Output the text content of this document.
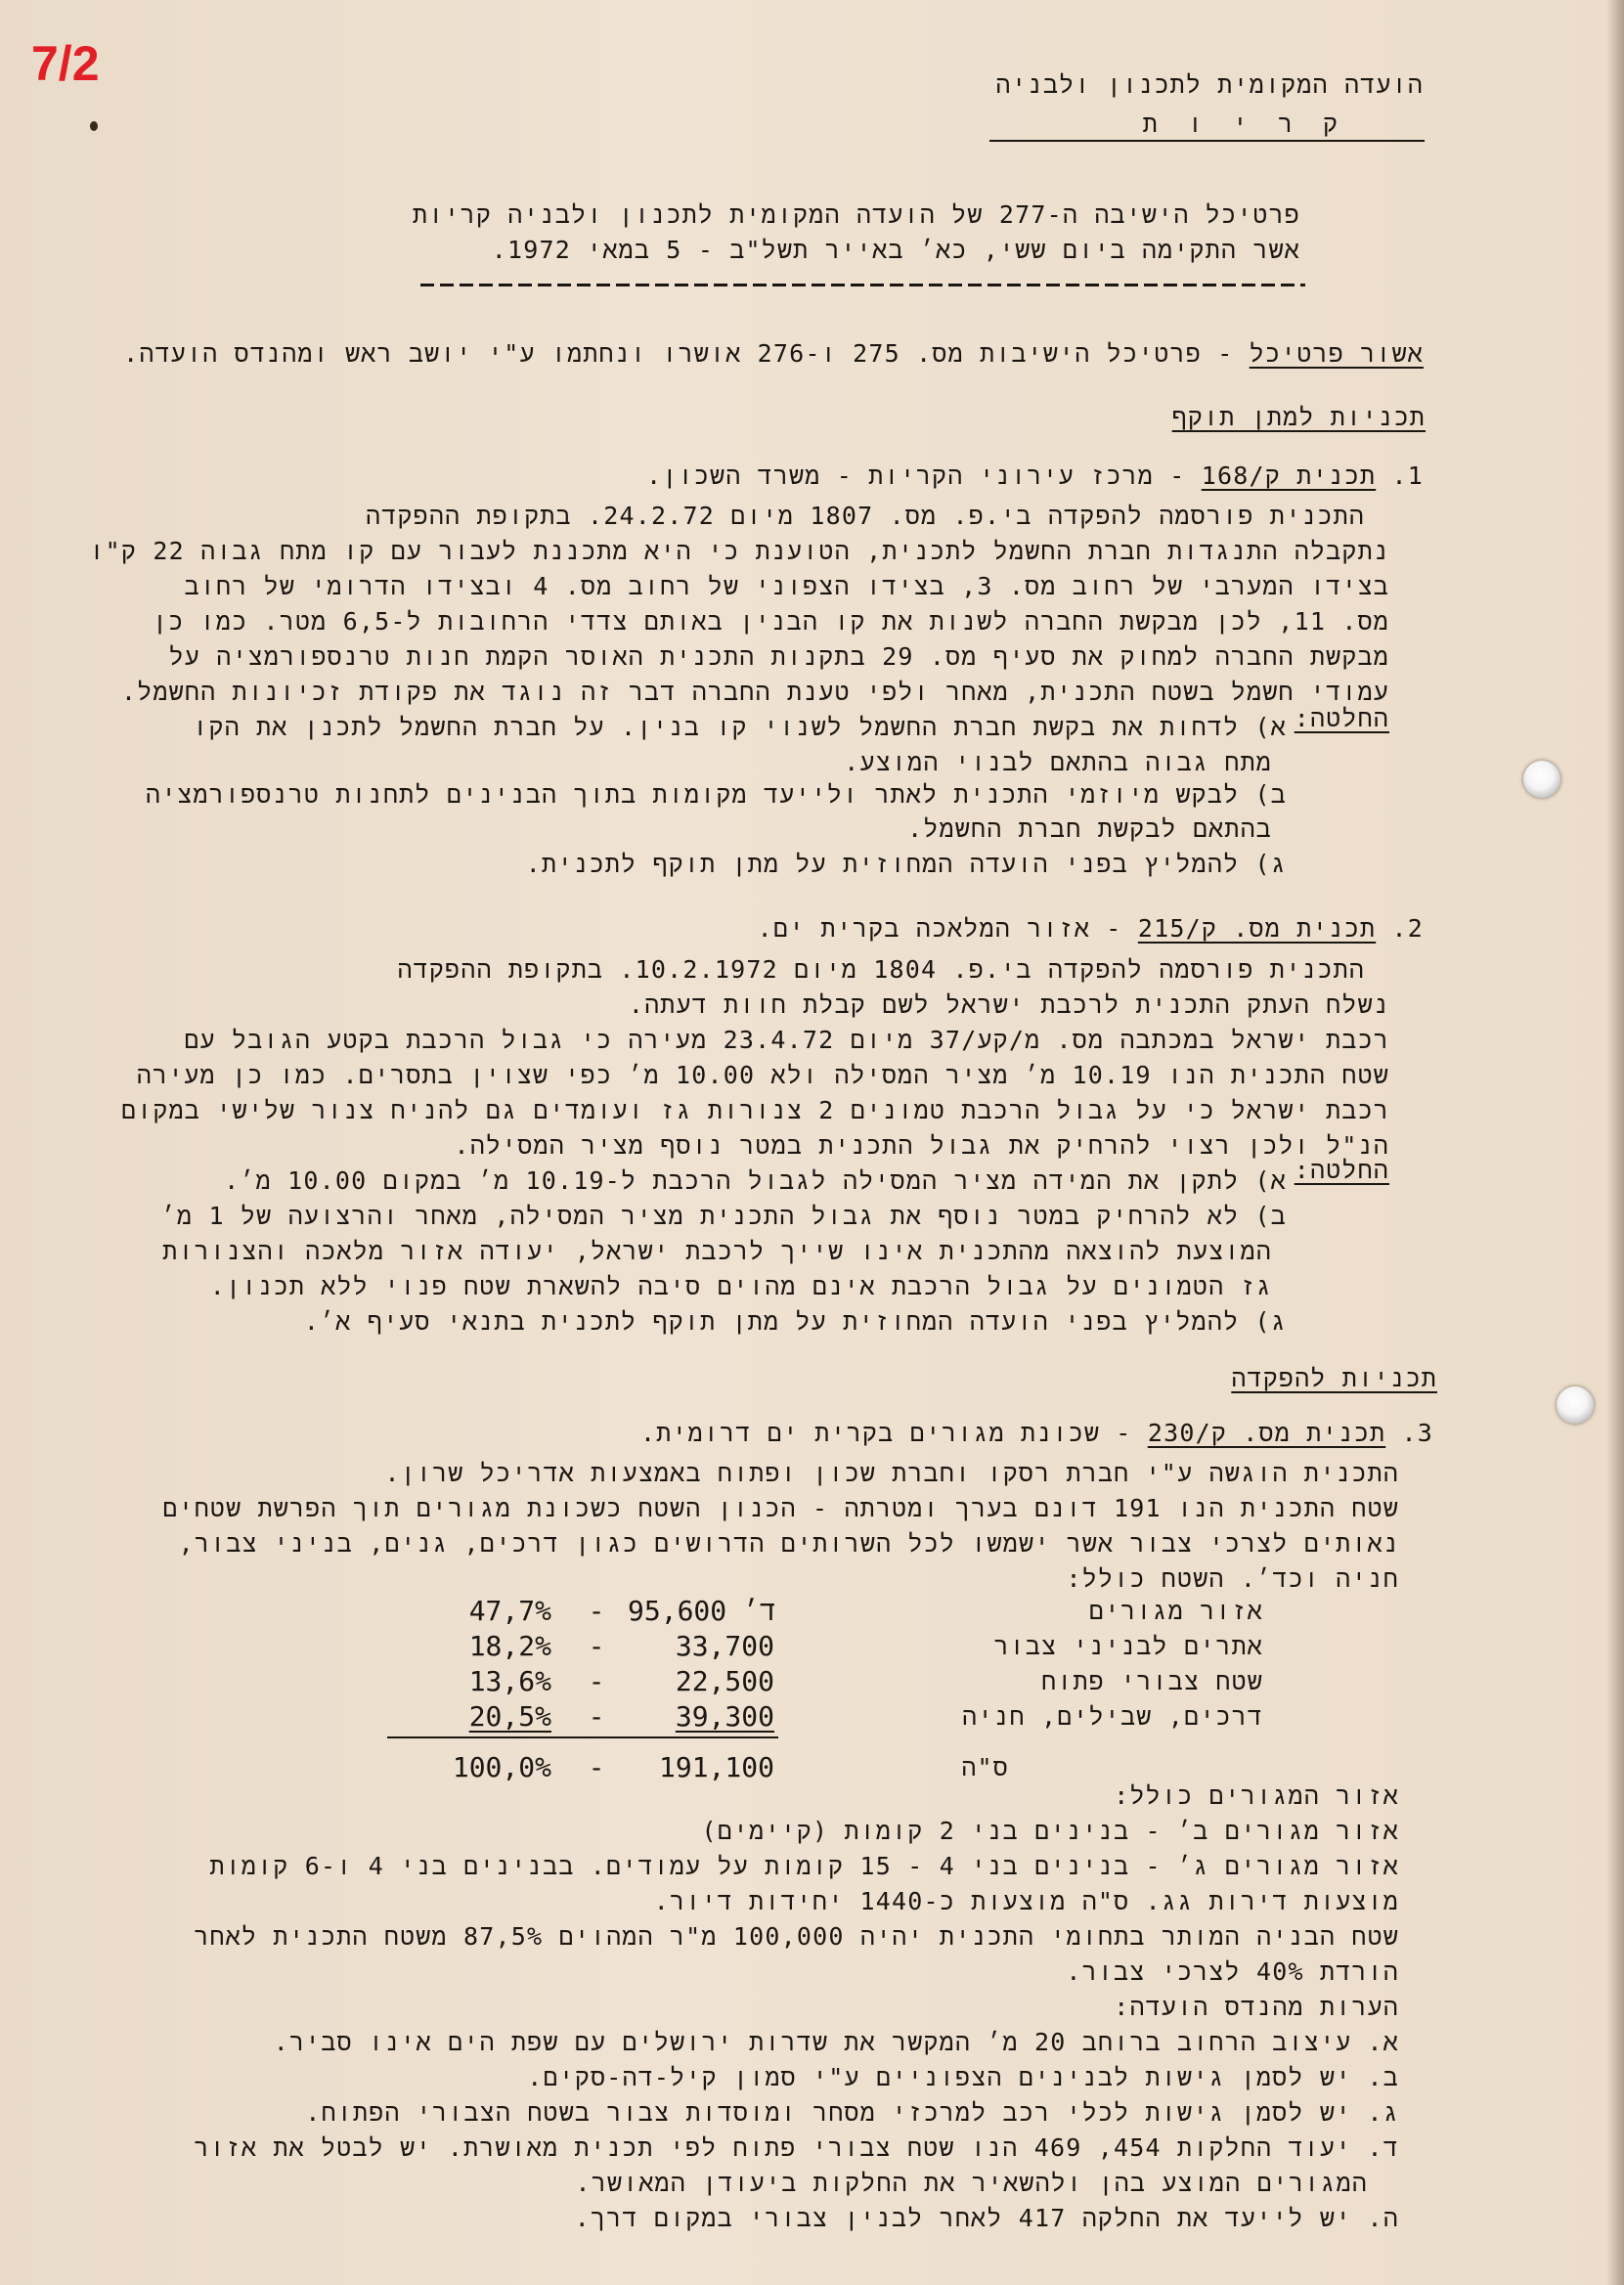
7/2	הועדה המקומית לתכנון ולבניה
ק ר י ו ת
פרטיכל הישיבה ה-277 של הועדה המקומית לתכנון ולבניה קריות
אשר התקימה ביום ששי, כא׳ באייר תשל"ב - 5 במאי 1972.
אשור פרטיכל - פרטיכל הישיבות מס. 275 ו-276 אושרו ונחתמו ע"י יושב ראש ומהנדס הועדה.
תכניות למתן תוקף
1. תכנית ק/168 - מרכז עירוני הקריות - משרד השכון.
התכנית פורסמה להפקדה בי.פ. מס. 1807 מיום 24.2.72. בתקופת ההפקדה
נתקבלה התנגדות חברת החשמל לתכנית, הטוענת כי היא מתכננת לעבור עם קו מתח גבוה 22 ק"ו
בצידו המערבי של רחוב מס. 3, בצידו הצפוני של רחוב מס. 4 ובצידו הדרומי של רחוב
מס. 11, לכן מבקשת החברה לשנות את קו הבנין באותם צדדי הרחובות ל-6,5 מטר. כמו כן
מבקשת החברה למחוק את סעיף מס. 29 בתקנות התכנית האוסר הקמת חנות טרנספורמציה על
עמודי חשמל בשטח התכנית, מאחר ולפי טענת החברה דבר זה נוגד את פקודת זכיונות החשמל.
החלטה:
א) לדחות את בקשת חברת החשמל לשנוי קו בנין. על חברת החשמל לתכנן את הקו
מתח גבוה בהתאם לבנוי המוצע.
ב) לבקש מיוזמי התכנית לאתר ולייעד מקומות בתוך הבנינים לתחנות טרנספורמציה
בהתאם לבקשת חברת החשמל.
ג) להמליץ בפני הועדה המחוזית על מתן תוקף לתכנית.
2. תכנית מס. ק/215 - אזור המלאכה בקרית ים.
התכנית פורסמה להפקדה בי.פ. 1804 מיום 10.2.1972. בתקופת ההפקדה
נשלח העתק התכנית לרכבת ישראל לשם קבלת חוות דעתה.
רכבת ישראל במכתבה מס. מ/קע/37 מיום 23.4.72 מעירה כי גבול הרכבת בקטע הגובל עם
שטח התכנית הנו 10.19 מ׳ מציר המסילה ולא 10.00 מ׳ כפי שצוין בתסרים. כמו כן מעירה
רכבת ישראל כי על גבול הרכבת טמונים 2 צנורות גז ועומדים גם להניח צנור שלישי במקום
הנ"ל ולכן רצוי להרחיק את גבול התכנית במטר נוסף מציר המסילה.
החלטה:
א) לתקן את המידה מציר המסילה לגבול הרכבת ל-10.19 מ׳ במקום 10.00 מ׳.
ב) לא להרחיק במטר נוסף את גבול התכנית מציר המסילה, מאחר והרצועה של 1 מ׳
המוצעת להוצאה מהתכנית אינו שייך לרכבת ישראל, יעודה אזור מלאכה והצנורות
גז הטמונים על גבול הרכבת אינם מהוים סיבה להשארת שטח פנוי ללא תכנון.
ג) להמליץ בפני הועדה המחוזית על מתן תוקף לתכנית בתנאי סעיף א׳.
תכניות להפקדה
3. תכנית מס. ק/230 - שכונת מגורים בקרית ים דרומית.
התכנית הוגשה ע"י חברת רסקו וחברת שכון ופתוח באמצעות אדריכל שרון.
שטח התכנית הנו 191 דונם בערך ומטרתה - הכנון השטח כשכונת מגורים תוך הפרשת שטחים
נאותים לצרכי צבור אשר ישמשו לכל השרותים הדרושים כגון דרכים, גנים, בניני צבור,
חניה וכד׳. השטח כולל:
47,7%	- ד׳ 95,600	אזור מגורים
18,2%	-	33,700	אתרים לבניני צבור
13,6%	-	22,500	שטח צבורי פתוח
20,5%	-	39,300	דרכים, שבילים, חניה
100,0%	-	191,100	ס"ה
אזור המגורים כולל:
אזור מגורים ב׳ - בנינים בני 2 קומות (קיימים)
אזור מגורים ג׳ - בנינים בני 4 - 15 קומות על עמודים. בבנינים בני 4 ו-6 קומות
מוצעות דירות גג. ס"ה מוצעות כ-1440 יחידות דיור.
שטח הבניה המותר בתחומי התכנית יהיה 100,000 מ"ר המהוים 87,5% משטח התכנית לאחר
הורדת 40% לצרכי צבור.
הערות מהנדס הועדה:
א. עיצוב הרחוב ברוחב 20 מ׳ המקשר את שדרות ירושלים עם שפת הים אינו סביר.
ב. יש לסמן גישות לבנינים הצפוניים ע"י סמון קיל-דה-סקים.
ג. יש לסמן גישות לכלי רכב למרכזי מסחר ומוסדות צבור בשטח הצבורי הפתוח.
ד. יעוד החלקות 454, 469 הנו שטח צבורי פתוח לפי תכנית מאושרת. יש לבטל את אזור
המגורים המוצע בהן ולהשאיר את החלקות ביעודן המאושר.
ה. יש לייעד את החלקה 417 לאחר לבנין צבורי במקום דרך.
